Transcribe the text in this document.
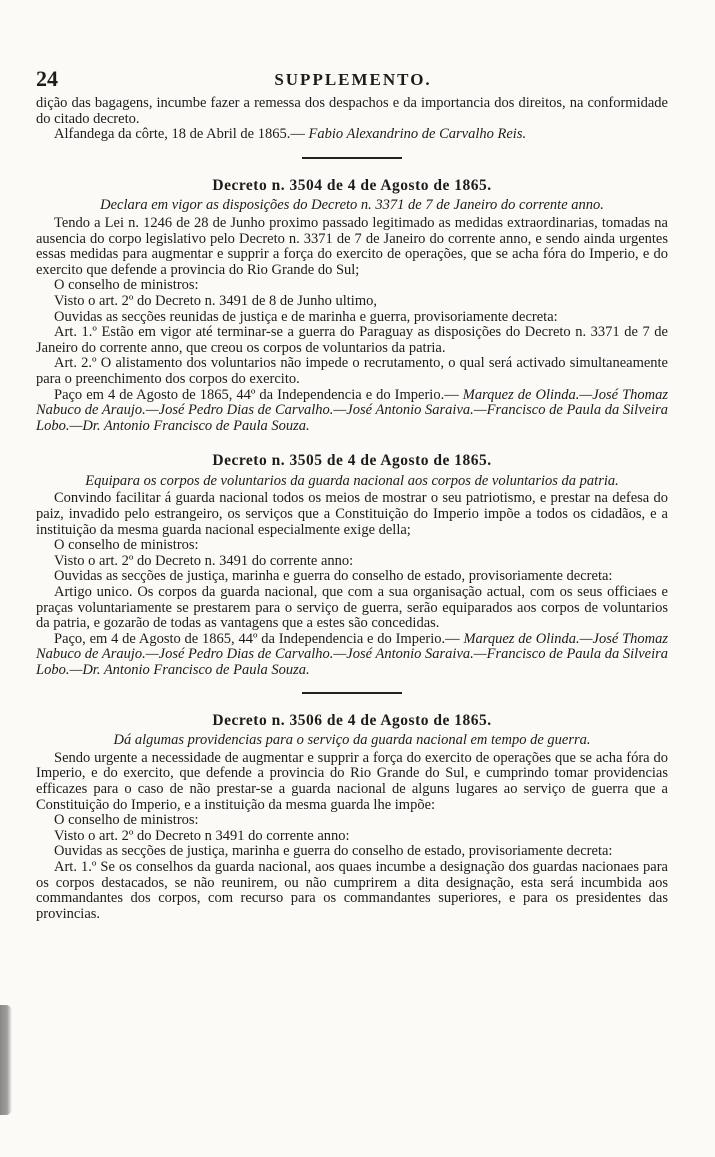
24	SUPPLEMENTO.

dição das bagagens, incumbe fazer a remessa dos despachos e da importancia dos direitos, na conformidade do citado decreto.

Alfandega da côrte, 18 de Abril de 1865.— Fabio Alexandrino de Carvalho Reis.

Decreto n. 3504 de 4 de Agosto de 1865.

Declara em vigor as disposições do Decreto n. 3371 de 7 de Janeiro do corrente anno.

Tendo a Lei n. 1246 de 28 de Junho proximo passado legitimado as medidas extraordinarias, tomadas na ausencia do corpo legislativo pelo Decreto n. 3371 de 7 de Janeiro do corrente anno, e sendo ainda urgentes essas medidas para augmentar e supprir a força do exercito de operações, que se acha fóra do Imperio, e do exercito que defende a provincia do Rio Grande do Sul;

O conselho de ministros:

Visto o art. 2º do Decreto n. 3491 de 8 de Junho ultimo,

Ouvidas as secções reunidas de justiça e de marinha e guerra, provisoriamente decreta:

Art. 1.º Estão em vigor até terminar-se a guerra do Paraguay as disposições do Decreto n. 3371 de 7 de Janeiro do corrente anno, que creou os corpos de voluntarios da patria.

Art. 2.º O alistamento dos voluntarios não impede o recrutamento, o qual será activado simultaneamente para o preenchimento dos corpos do exercito.

Paço em 4 de Agosto de 1865, 44º da Independencia e do Imperio.— Marquez de Olinda.—José Thomaz Nabuco de Araujo.—José Pedro Dias de Carvalho.—José Antonio Saraiva.—Francisco de Paula da Silveira Lobo.—Dr. Antonio Francisco de Paula Souza.

Decreto n. 3505 de 4 de Agosto de 1865.

Equipara os corpos de voluntarios da guarda nacional aos corpos de voluntarios da patria.

Convindo facilitar á guarda nacional todos os meios de mostrar o seu patriotismo, e prestar na defesa do paiz, invadido pelo estrangeiro, os serviços que a Constituição do Imperio impõe a todos os cidadãos, e a instituição da mesma guarda nacional especialmente exige della;

O conselho de ministros:

Visto o art. 2º do Decreto n. 3491 do corrente anno:

Ouvidas as secções de justiça, marinha e guerra do conselho de estado, provisoriamente decreta:

Artigo unico. Os corpos da guarda nacional, que com a sua organisação actual, com os seus officiaes e praças voluntariamente se prestarem para o serviço de guerra, serão equiparados aos corpos de voluntarios da patria, e gozarão de todas as vantagens que a estes são concedidas.

Paço, em 4 de Agosto de 1865, 44º da Independencia e do Imperio.— Marquez de Olinda.—José Thomaz Nabuco de Araujo.—José Pedro Dias de Carvalho.—José Antonio Saraiva.—Francisco de Paula da Silveira Lobo.—Dr. Antonio Francisco de Paula Souza.

Decreto n. 3506 de 4 de Agosto de 1865.

Dá algumas providencias para o serviço da guarda nacional em tempo de guerra.

Sendo urgente a necessidade de augmentar e supprir a força do exercito de operações que se acha fóra do Imperio, e do exercito, que defende a provincia do Rio Grande do Sul, e cumprindo tomar providencias efficazes para o caso de não prestar-se a guarda nacional de alguns lugares ao serviço de guerra que a Constituição do Imperio, e a instituição da mesma guarda lhe impõe:

O conselho de ministros:

Visto o art. 2º do Decreto n 3491 do corrente anno:

Ouvidas as secções de justiça, marinha e guerra do conselho de estado, provisoriamente decreta:

Art. 1.º Se os conselhos da guarda nacional, aos quaes incumbe a designação dos guardas nacionaes para os corpos destacados, se não reunirem, ou não cumprirem a dita designação, esta será incumbida aos commandantes dos corpos, com recurso para os commandantes superiores, e para os presidentes das provincias.
